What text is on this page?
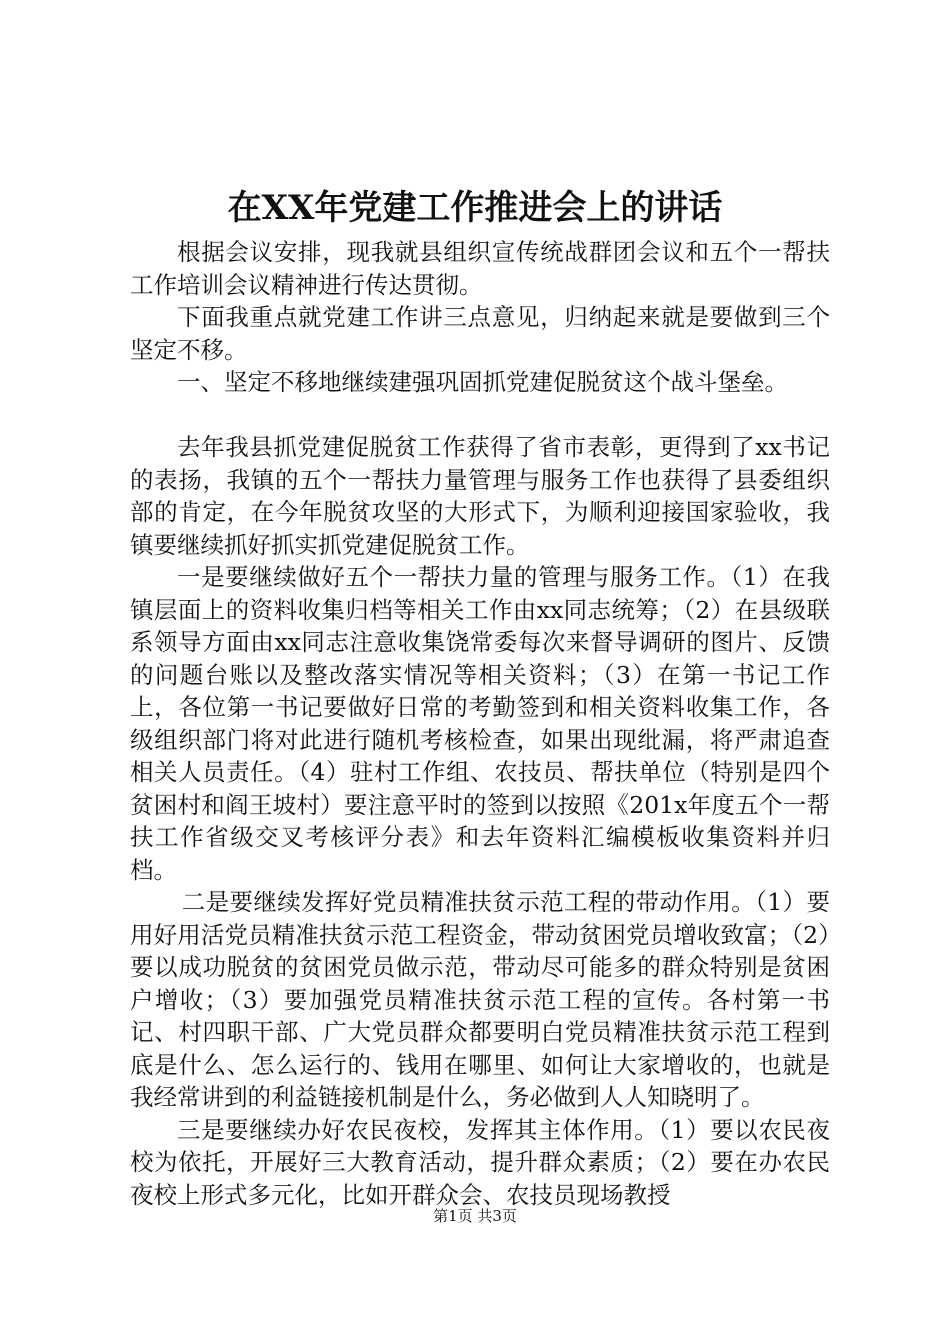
在XX年党建工作推进会上的讲话

根据会议安排，现我就县组织宣传统战群团会议和五个一帮扶工作培训会议精神进行传达贯彻。

下面我重点就党建工作讲三点意见，归纳起来就是要做到三个坚定不移。

一、坚定不移地继续建强巩固抓党建促脱贫这个战斗堡垒。

去年我县抓党建促脱贫工作获得了省市表彰，更得到了xx书记的表扬，我镇的五个一帮扶力量管理与服务工作也获得了县委组织部的肯定，在今年脱贫攻坚的大形式下，为顺利迎接国家验收，我镇要继续抓好抓实抓党建促脱贫工作。

一是要继续做好五个一帮扶力量的管理与服务工作。（1）在我镇层面上的资料收集归档等相关工作由xx同志统筹；（2）在县级联系领导方面由xx同志注意收集饶常委每次来督导调研的图片、反馈的问题台账以及整改落实情况等相关资料；（3）在第一书记工作上，各位第一书记要做好日常的考勤签到和相关资料收集工作，各级组织部门将对此进行随机考核检查，如果出现纰漏，将严肃追查相关人员责任。（4）驻村工作组、农技员、帮扶单位（特别是四个贫困村和阎王坡村）要注意平时的签到以按照《201x年度五个一帮扶工作省级交叉考核评分表》和去年资料汇编模板收集资料并归档。

二是要继续发挥好党员精准扶贫示范工程的带动作用。（1）要用好用活党员精准扶贫示范工程资金，带动贫困党员增收致富；（2）要以成功脱贫的贫困党员做示范，带动尽可能多的群众特别是贫困户增收；（3）要加强党员精准扶贫示范工程的宣传。各村第一书记、村四职干部、广大党员群众都要明白党员精准扶贫示范工程到底是什么、怎么运行的、钱用在哪里、如何让大家增收的，也就是我经常讲到的利益链接机制是什么，务必做到人人知晓明了。

三是要继续办好农民夜校，发挥其主体作用。（1）要以农民夜校为依托，开展好三大教育活动，提升群众素质；（2）要在办农民夜校上形式多元化，比如开群众会、农技员现场教授

第1页 共3页
